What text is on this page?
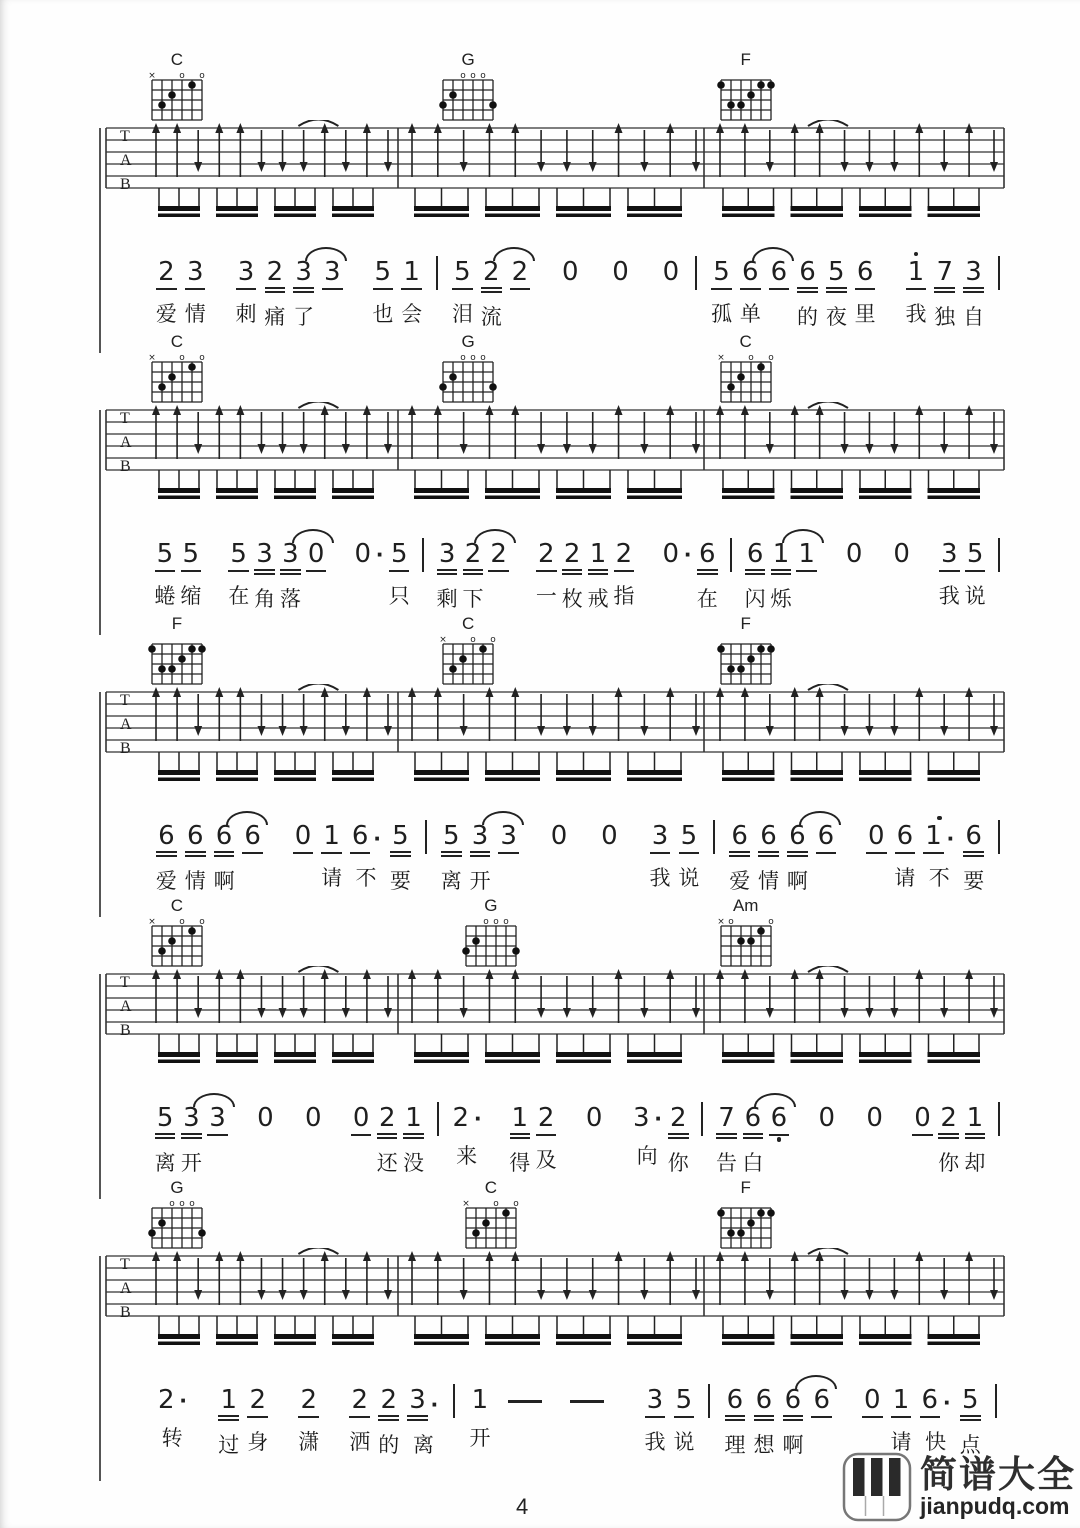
C
×	o o
G
o o o
F
T
A
B
2
爱
3
情
3
刺
2
痛
3
了
3 5
也
1
会
5
泪
2
流
2 0 0 0 5
孤
6
单
6 6
的
5
夜
6
里
1
我
7
独
3
自
C
×	o o
G
o o o
C
×	o o
T
A
B
5
蜷
5
缩
5
在
3
角
3
落
0 0 · 5
只
3
剩
2
下
2 2
一
2
枚
1
戒
2
指
0 · 6
在
6
闪
1
烁
1 0 0 3
我
5
说
F	C
×	o o
F
T
A
B
6
爱
6
情
6
啊
6 0 1
请
6 ·
不
5
要
5
离
3
开
3 0 0 3
我
5
说
6
爱
6
情
6
啊
6 0 6
请
1 ·
不
6
要
C
×	o o
G
o o o
Am
× o	o
T
A
B
5
离
3
开
3 0 0 0 2
还
1
没
2 ·
来
1
得
2
及
0 3 ·
向
2
你
7
告
6
白
6 0 0 0 2
你
1
却
G
o o o
C
×	o o
F
T
A
B
2 ·
转
1
过
2
身
2
潇
2
洒
2
的
3 ·
离
1
开
3
我
5
说
6
理
6
想
6
啊
6 0 1
请
6 ·
快
5
点
4
简谱大全
jianpudq.com
